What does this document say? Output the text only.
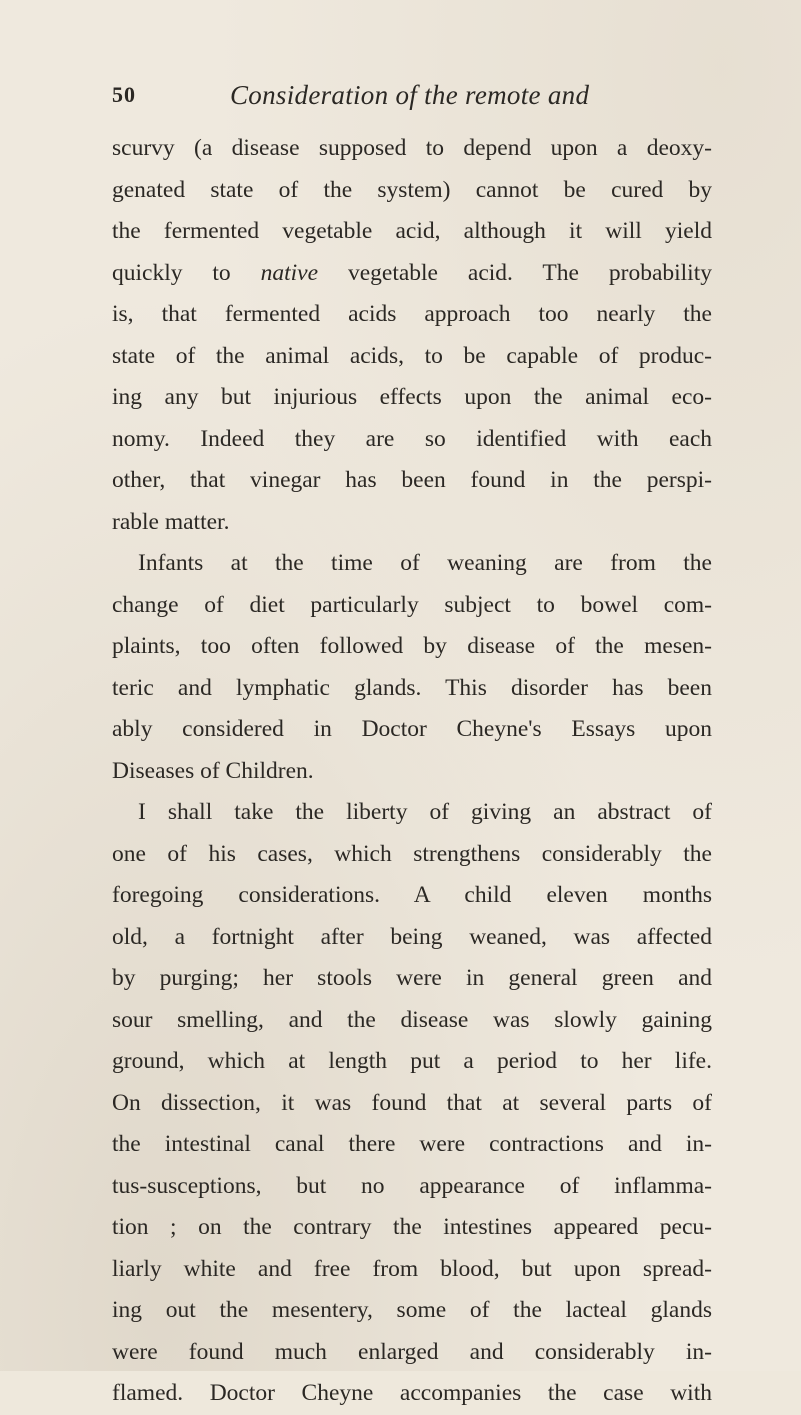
50	Consideration of the remote and
scurvy (a disease supposed to depend upon a deoxy-
genated state of the system) cannot be cured by
the fermented vegetable acid, although it will yield
quickly to native vegetable acid. The probability
is, that fermented acids approach too nearly the
state of the animal acids, to be capable of produc-
ing any but injurious effects upon the animal eco-
nomy. Indeed they are so identified with each
other, that vinegar has been found in the perspi-
rable matter.
Infants at the time of weaning are from the
change of diet particularly subject to bowel com-
plaints, too often followed by disease of the mesen-
teric and lymphatic glands. This disorder has been
ably considered in Doctor Cheyne's Essays upon
Diseases of Children.
I shall take the liberty of giving an abstract of
one of his cases, which strengthens considerably the
foregoing considerations. A child eleven months
old, a fortnight after being weaned, was affected
by purging; her stools were in general green and
sour smelling, and the disease was slowly gaining
ground, which at length put a period to her life.
On dissection, it was found that at several parts of
the intestinal canal there were contractions and in-
tus-susceptions, but no appearance of inflamma-
tion ; on the contrary the intestines appeared pecu-
liarly white and free from blood, but upon spread-
ing out the mesentery, some of the lacteal glands
were found much enlarged and considerably in-
flamed. Doctor Cheyne accompanies the case with
